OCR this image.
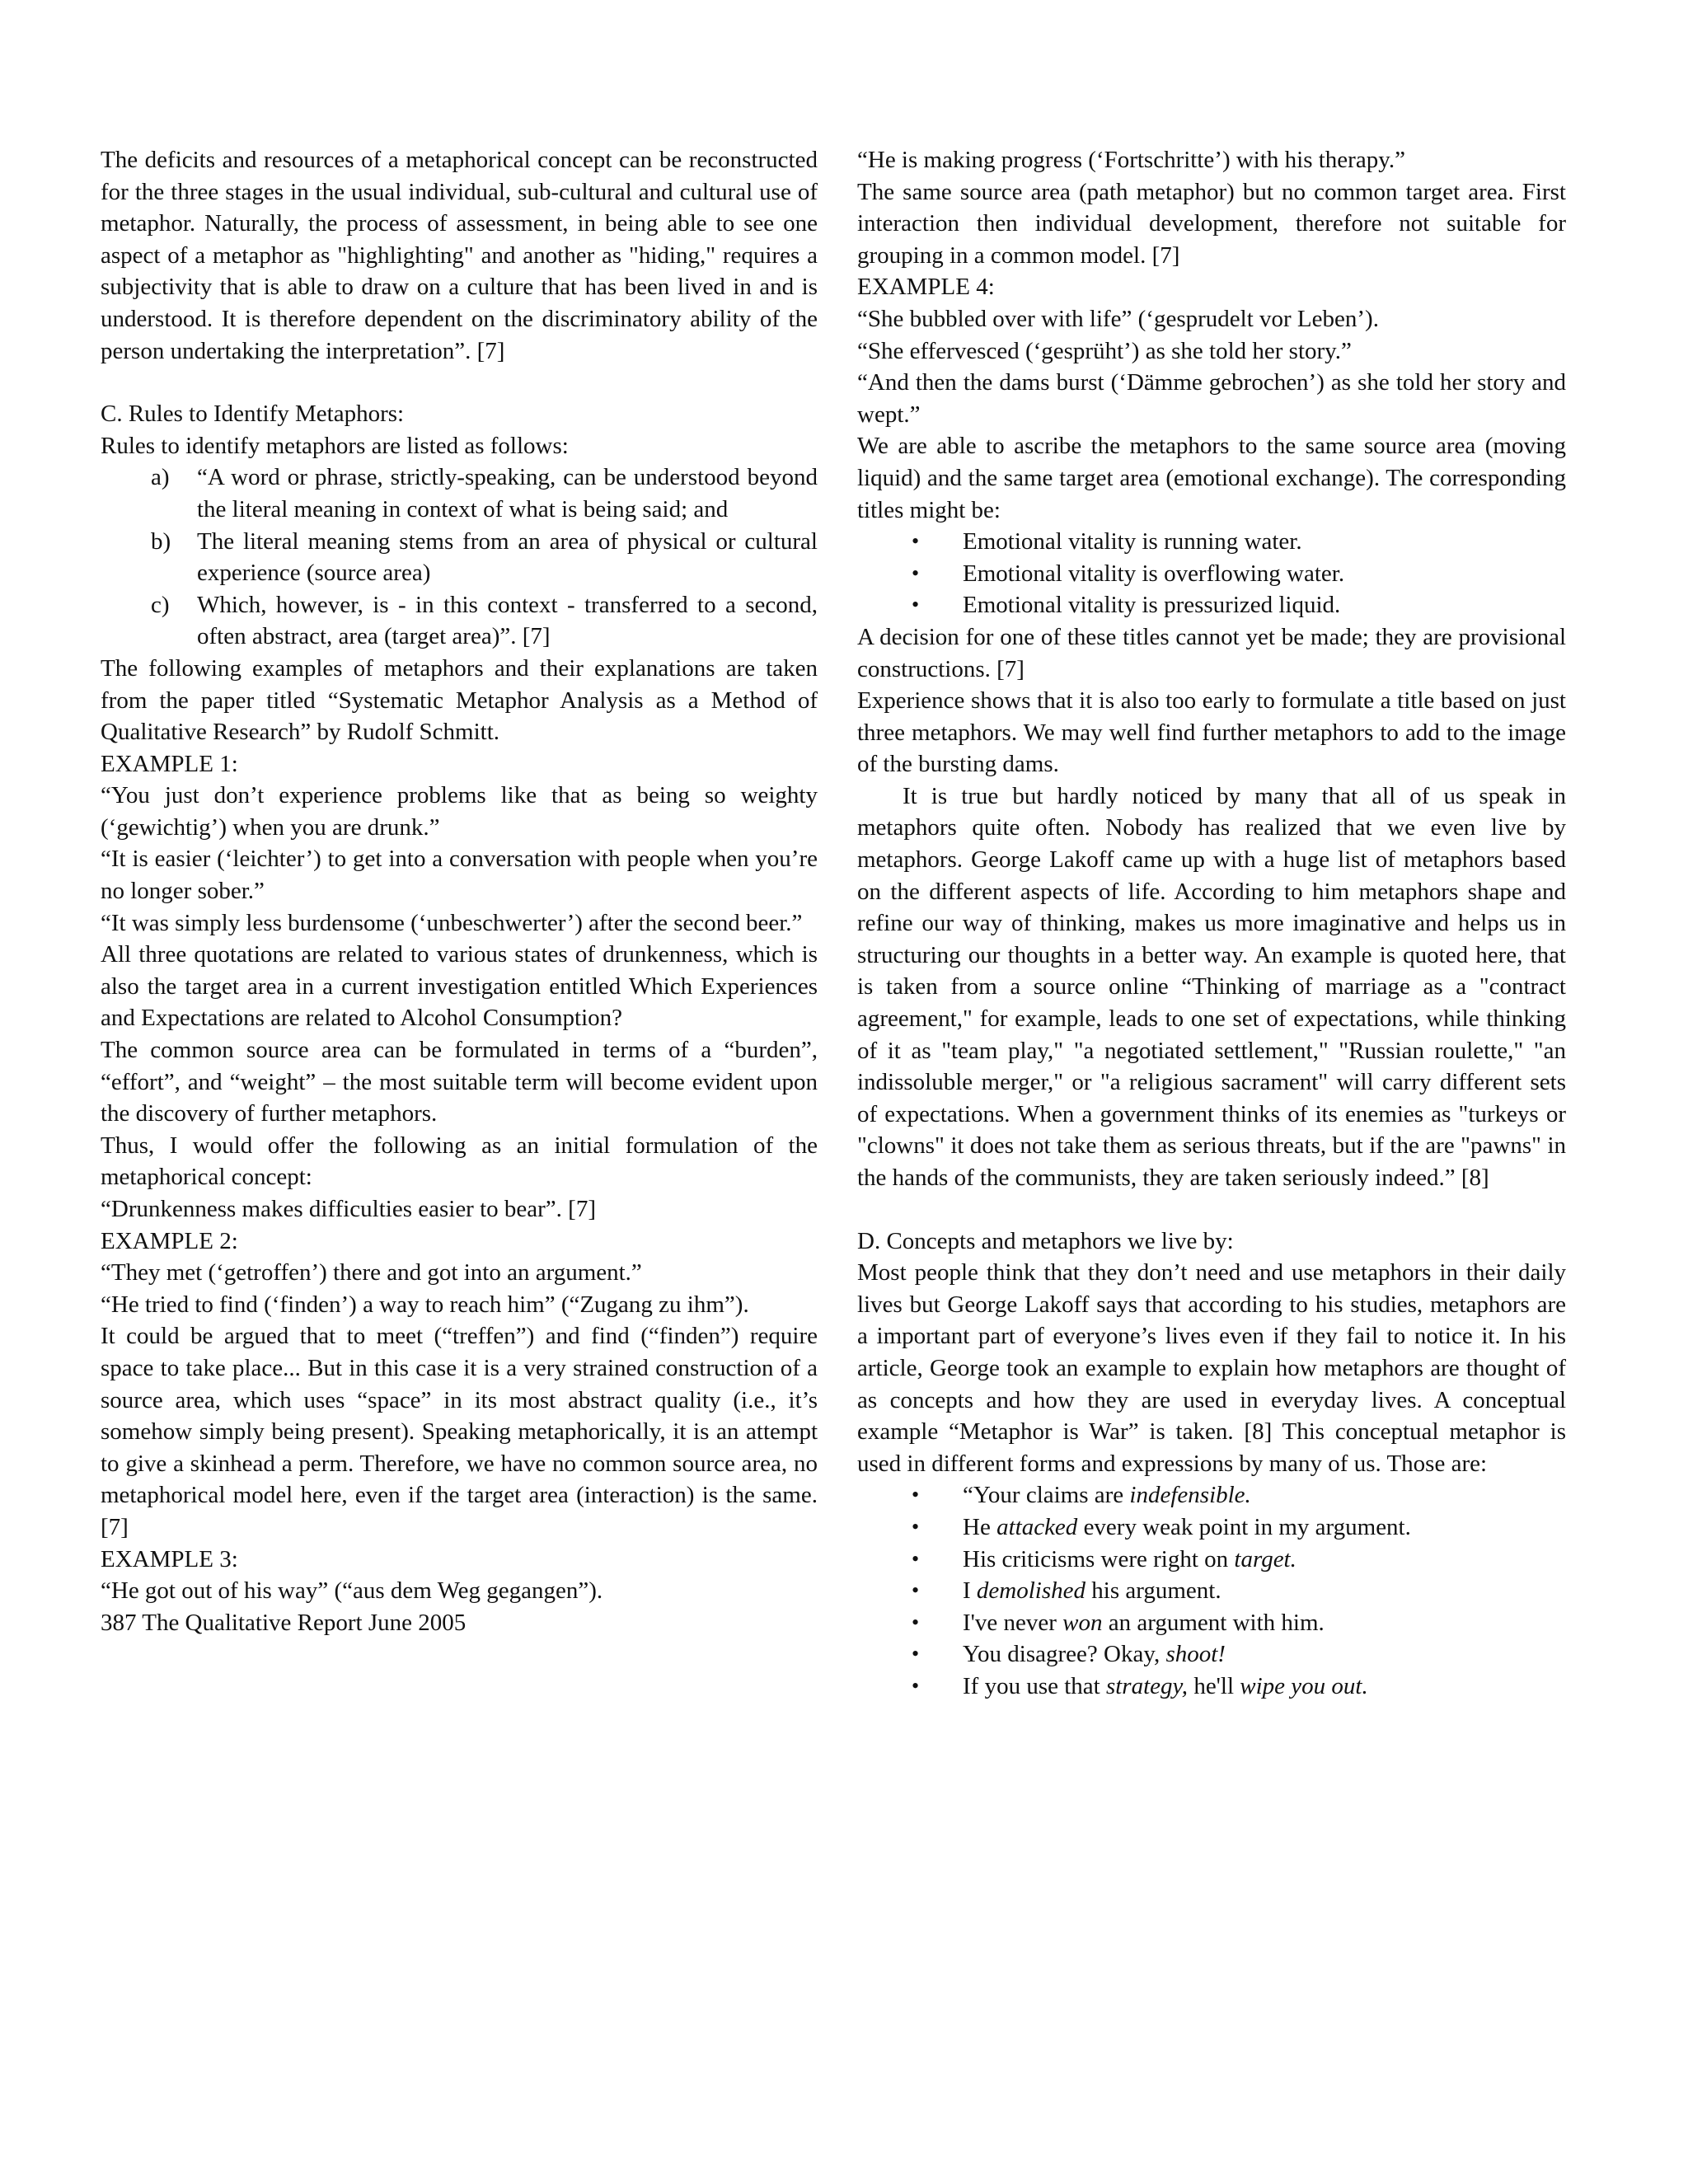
The deficits and resources of a metaphorical concept can be reconstructed for the three stages in the usual individual, sub-cultural and cultural use of metaphor. Naturally, the process of assessment, in being able to see one aspect of a metaphor as "highlighting" and another as "hiding," requires a subjectivity that is able to draw on a culture that has been lived in and is understood. It is therefore dependent on the discriminatory ability of the person undertaking the interpretation”. [7]

C. Rules to Identify Metaphors:

Rules to identify metaphors are listed as follows:

a) “A word or phrase, strictly-speaking, can be understood beyond the literal meaning in context of what is being said; and
b) The literal meaning stems from an area of physical or cultural experience (source area)
c) Which, however, is - in this context - transferred to a second, often abstract, area (target area)”. [7]

The following examples of metaphors and their explanations are taken from the paper titled “Systematic Metaphor Analysis as a Method of Qualitative Research” by Rudolf Schmitt.

EXAMPLE 1:

“You just don’t experience problems like that as being so weighty (‘gewichtig’) when you are drunk.”

“It is easier (‘leichter’) to get into a conversation with people when you’re no longer sober.”

“It was simply less burdensome (‘unbeschwerter’) after the second beer.”

All three quotations are related to various states of drunkenness, which is also the target area in a current investigation entitled Which Experiences and Expectations are related to Alcohol Consumption?

The common source area can be formulated in terms of a “burden”, “effort”, and “weight” – the most suitable term will become evident upon the discovery of further metaphors.

Thus, I would offer the following as an initial formulation of the metaphorical concept:

“Drunkenness makes difficulties easier to bear”. [7]

EXAMPLE 2:

“They met (‘getroffen’) there and got into an argument.”

“He tried to find (‘finden’) a way to reach him” (“Zugang zu ihm”).

It could be argued that to meet (“treffen”) and find (“finden”) require space to take place... But in this case it is a very strained construction of a source area, which uses “space” in its most abstract quality (i.e., it’s somehow simply being present). Speaking metaphorically, it is an attempt to give a skinhead a perm. Therefore, we have no common source area, no metaphorical model here, even if the target area (interaction) is the same. [7]

EXAMPLE 3:

“He got out of his way” (“aus dem Weg gegangen”).

387 The Qualitative Report June 2005

“He is making progress (‘Fortschritte’) with his therapy.”

The same source area (path metaphor) but no common target area. First interaction then individual development, therefore not suitable for grouping in a common model. [7]

EXAMPLE 4:

“She bubbled over with life” (‘gesprudelt vor Leben’).

“She effervesced (‘gesprüht’) as she told her story.”

“And then the dams burst (‘Dämme gebrochen’) as she told her story and wept.”

We are able to ascribe the metaphors to the same source area (moving liquid) and the same target area (emotional exchange). The corresponding titles might be:

• Emotional vitality is running water.
• Emotional vitality is overflowing water.
• Emotional vitality is pressurized liquid.

A decision for one of these titles cannot yet be made; they are provisional constructions. [7]

Experience shows that it is also too early to formulate a title based on just three metaphors. We may well find further metaphors to add to the image of the bursting dams.

It is true but hardly noticed by many that all of us speak in metaphors quite often. Nobody has realized that we even live by metaphors. George Lakoff came up with a huge list of metaphors based on the different aspects of life. According to him metaphors shape and refine our way of thinking, makes us more imaginative and helps us in structuring our thoughts in a better way. An example is quoted here, that is taken from a source online “Thinking of marriage as a "contract agreement," for example, leads to one set of expectations, while thinking of it as "team play," "a negotiated settlement," "Russian roulette," "an indissoluble merger," or "a religious sacrament" will carry different sets of expectations. When a government thinks of its enemies as "turkeys or "clowns" it does not take them as serious threats, but if the are "pawns" in the hands of the communists, they are taken seriously indeed.” [8]

D. Concepts and metaphors we live by:

Most people think that they don’t need and use metaphors in their daily lives but George Lakoff says that according to his studies, metaphors are a important part of everyone’s lives even if they fail to notice it. In his article, George took an example to explain how metaphors are thought of as concepts and how they are used in everyday lives. A conceptual example “Metaphor is War” is taken. [8] This conceptual metaphor is used in different forms and expressions by many of us. Those are:

• “Your claims are indefensible.
• He attacked every weak point in my argument.
• His criticisms were right on target.
• I demolished his argument.
• I've never won an argument with him.
• You disagree? Okay, shoot!
• If you use that strategy, he'll wipe you out.
